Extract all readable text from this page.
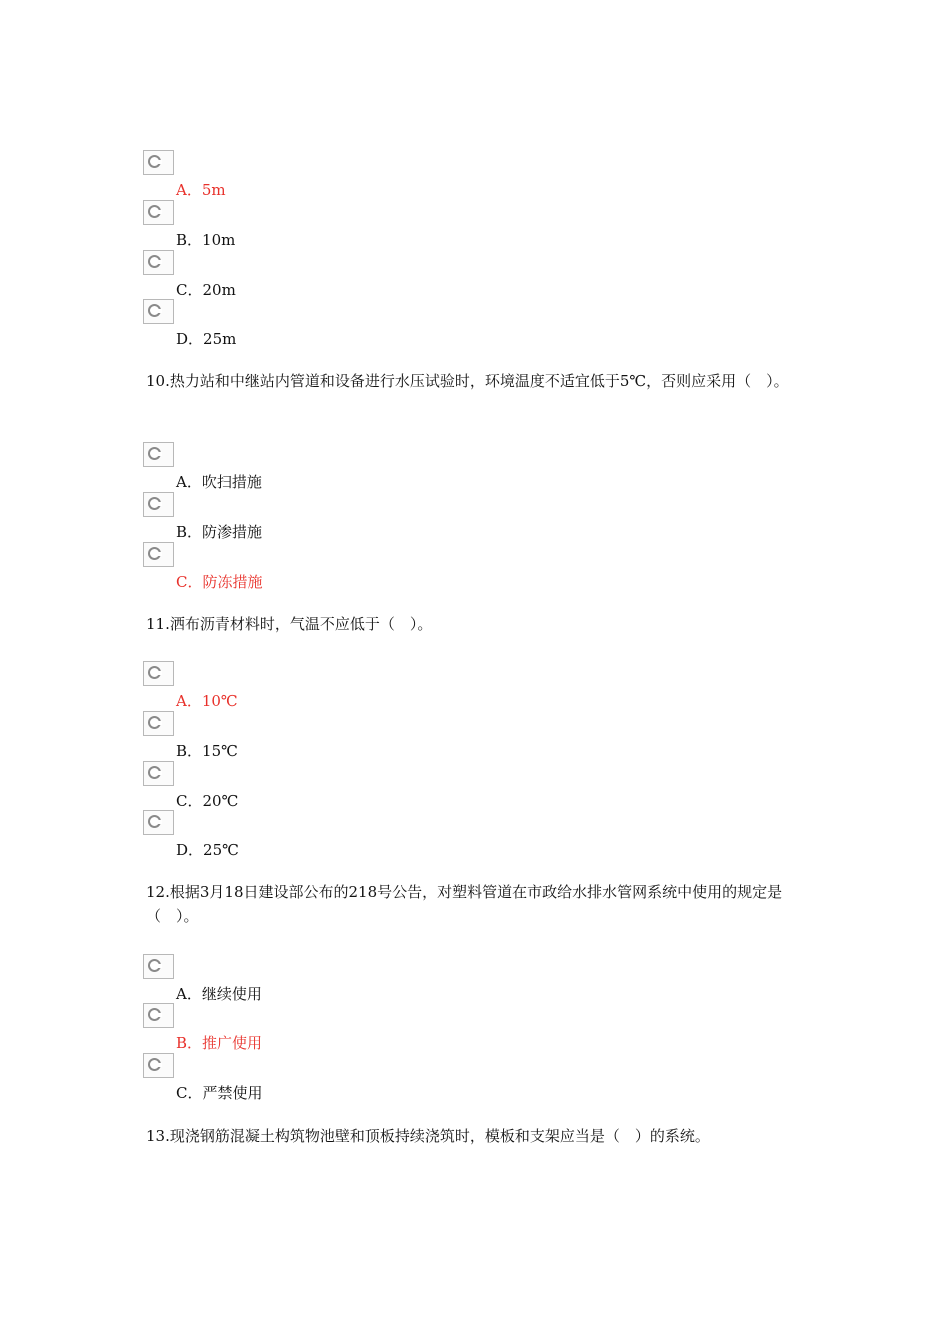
A．5m
B．10m
C．20m
D．25m
10.热力站和中继站内管道和设备进行水压试验时，环境温度不适宜低于5℃，否则应采用（　）。
A．吹扫措施
B．防渗措施
C．防冻措施
11.洒布沥青材料时，气温不应低于（　）。
A．10℃
B．15℃
C．20℃
D．25℃
12.根据3月18日建设部公布的218号公告，对塑料管道在市政给水排水管网系统中使用的规定是（　）。
A．继续使用
B．推广使用
C．严禁使用
13.现浇钢筋混凝土构筑物池壁和顶板持续浇筑时，模板和支架应当是（　）的系统。
